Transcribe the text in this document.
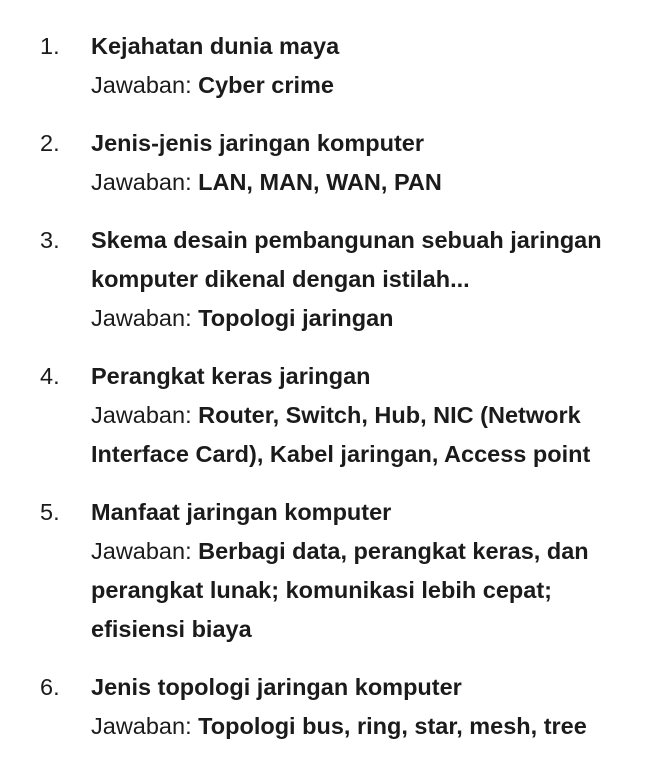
1. Kejahatan dunia maya
Jawaban: Cyber crime
2. Jenis-jenis jaringan komputer
Jawaban: LAN, MAN, WAN, PAN
3. Skema desain pembangunan sebuah jaringan komputer dikenal dengan istilah...
Jawaban: Topologi jaringan
4. Perangkat keras jaringan
Jawaban: Router, Switch, Hub, NIC (Network Interface Card), Kabel jaringan, Access point
5. Manfaat jaringan komputer
Jawaban: Berbagi data, perangkat keras, dan perangkat lunak; komunikasi lebih cepat; efisiensi biaya
6. Jenis topologi jaringan komputer
Jawaban: Topologi bus, ring, star, mesh, tree
